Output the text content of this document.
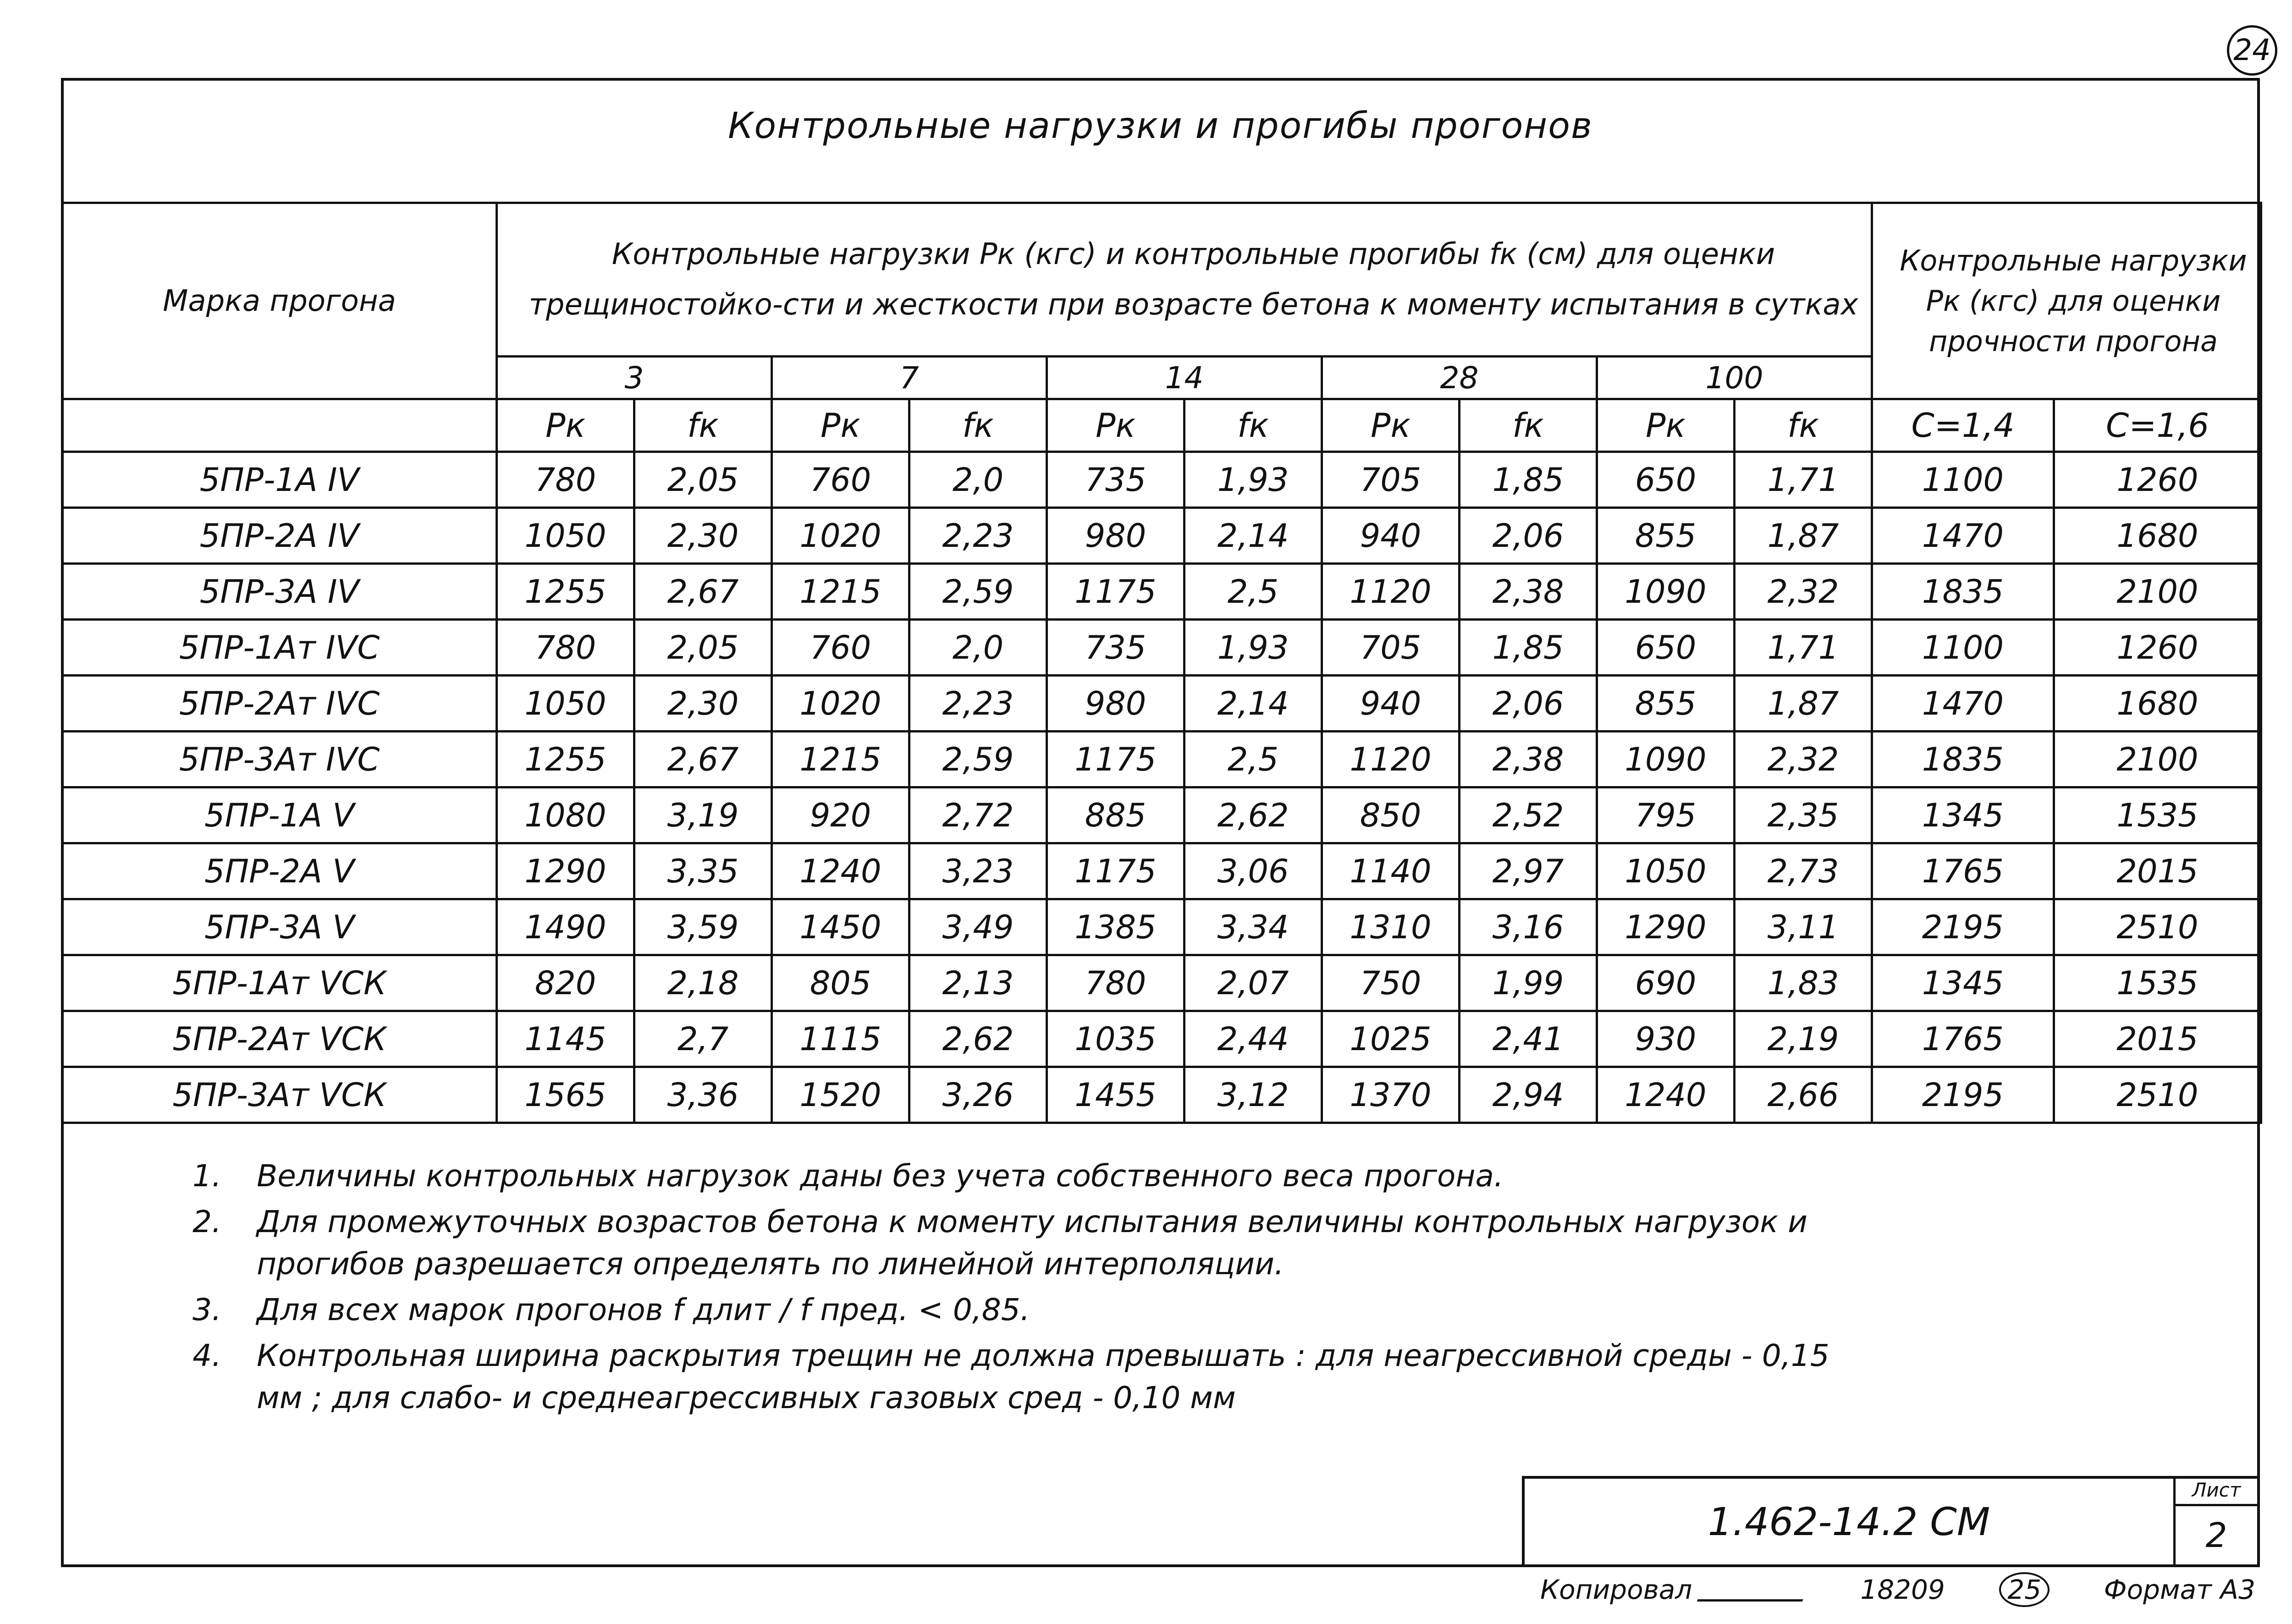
24
Контрольные нагрузки и прогибы прогонов
Марка прогона	Контрольные нагрузки Рк (кгс) и контрольные прогибы fк (см) для оценки трещиностойко-сти и жесткости при возрасте бетона к моменту испытания в сутках										Контрольные нагрузки Рк (кгс) для оценки прочности прогона	
	3		7		14		28		100			
	Рк	fк	Рк	fк	Рк	fк	Рк	fк	Рк	fк	С=1,4	С=1,6
5ПР-1А IV	780	2,05	760	2,0	735	1,93	705	1,85	650	1,71	1100	1260
5ПР-2А IV	1050	2,30	1020	2,23	980	2,14	940	2,06	855	1,87	1470	1680
5ПР-3А IV	1255	2,67	1215	2,59	1175	2,5	1120	2,38	1090	2,32	1835	2100
5ПР-1Ат IVС	780	2,05	760	2,0	735	1,93	705	1,85	650	1,71	1100	1260
5ПР-2Ат IVС	1050	2,30	1020	2,23	980	2,14	940	2,06	855	1,87	1470	1680
5ПР-3Ат IVС	1255	2,67	1215	2,59	1175	2,5	1120	2,38	1090	2,32	1835	2100
5ПР-1А V	1080	3,19	920	2,72	885	2,62	850	2,52	795	2,35	1345	1535
5ПР-2А V	1290	3,35	1240	3,23	1175	3,06	1140	2,97	1050	2,73	1765	2015
5ПР-3А V	1490	3,59	1450	3,49	1385	3,34	1310	3,16	1290	3,11	2195	2510
5ПР-1Ат VСК	820	2,18	805	2,13	780	2,07	750	1,99	690	1,83	1345	1535
5ПР-2Ат VСК	1145	2,7	1115	2,62	1035	2,44	1025	2,41	930	2,19	1765	2015
5ПР-3Ат VСК	1565	3,36	1520	3,26	1455	3,12	1370	2,94	1240	2,66	2195	2510
1. Величины контрольных нагрузок даны без учета собственного веса прогона.
2. Для промежуточных возрастов бетона к моменту испытания величины контрольных нагрузок и прогибов разрешается определять по линейной интерполяции.
3. Для всех марок прогонов f длит / f пред. < 0,85.
4. Контрольная ширина раскрытия трещин не должна превышать : для неагрессивной среды - 0,15 мм ; для слабо- и среднеагрессивных газовых сред - 0,10 мм
1.462-14.2 СМ
Лист
2
Копировал	18209	25	Формат А3
